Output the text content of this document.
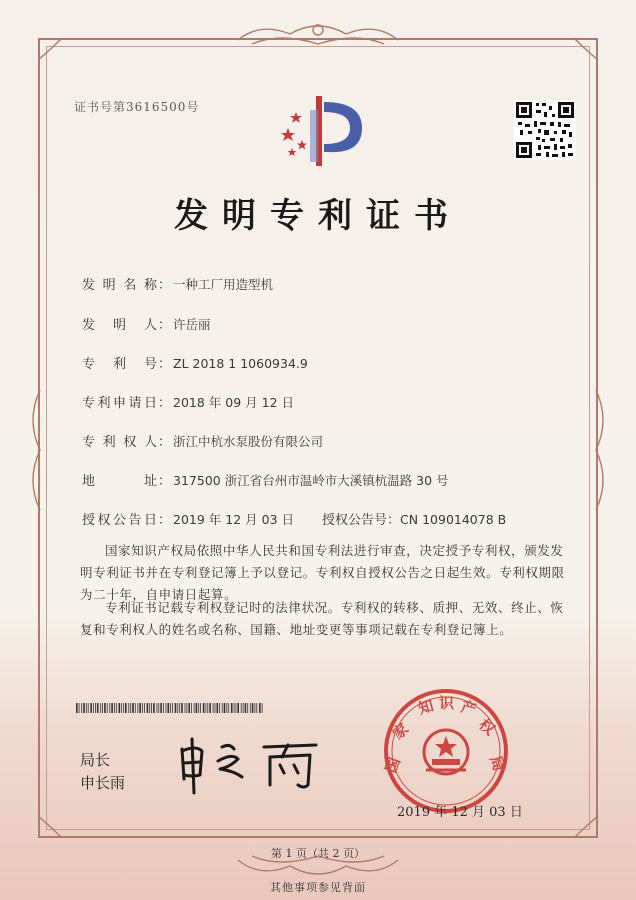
证书号第3616500号
发明专利证书
发明名称： 一种工厂用造型机
发　明　人： 许岳丽
专　利　号： ZL 2018 1 1060934.9
专利申请日： 2018 年 09 月 12 日
专利权人： 浙江中杭水泵股份有限公司
地　　　址： 317500 浙江省台州市温岭市大溪镇杭温路 30 号
授权公告日： 2019 年 12 月 03 日 授权公告号：CN 109014078 B
国家知识产权局依照中华人民共和国专利法进行审查，决定授予专利权，颁发发明专利证书并在专利登记簿上予以登记。专利权自授权公告之日起生效。专利权期限为二十年，自申请日起算。
专利证书记载专利权登记时的法律状况。专利权的转移、质押、无效、终止、恢复和专利权人的姓名或名称、国籍、地址变更等事项记载在专利登记簿上。
局长
申长雨
国
家
知 识 产
权
局
2019 年 12 月 03 日
第 1 页（共 2 页）
其他事项参见背面
